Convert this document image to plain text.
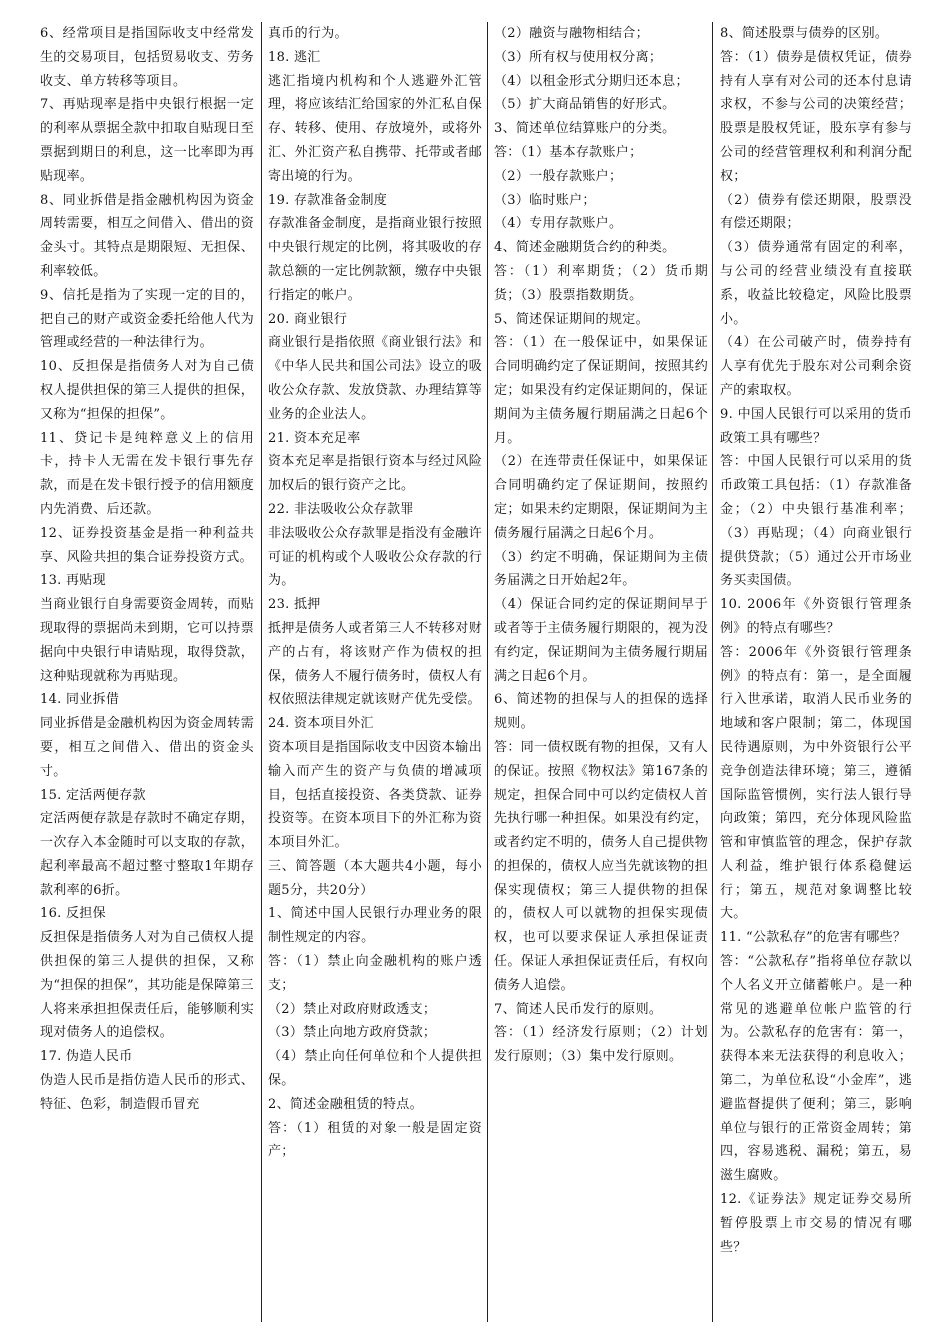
6、经常项目是指国际收支中经常发生的交易项目，包括贸易收支、劳务收支、单方转移等项目。

7、再贴现率是指中央银行根据一定的利率从票据全款中扣取自贴现日至票据到期日的利息，这一比率即为再贴现率。

8、同业拆借是指金融机构因为资金周转需要，相互之间借入、借出的资金头寸。其特点是期限短、无担保、利率较低。

9、信托是指为了实现一定的目的，把自己的财产或资金委托给他人代为管理或经营的一种法律行为。

10、反担保是指债务人对为自己债权人提供担保的第三人提供的担保，又称为“担保的担保”。

11、贷记卡是纯粹意义上的信用卡，持卡人无需在发卡银行事先存款，而是在发卡银行授予的信用额度内先消费、后还款。

12、证券投资基金是指一种利益共享、风险共担的集合证券投资方式。

13. 再贴现

当商业银行自身需要资金周转，而贴现取得的票据尚未到期，它可以持票据向中央银行申请贴现，取得贷款，这种贴现就称为再贴现。

14. 同业拆借

同业拆借是金融机构因为资金周转需要，相互之间借入、借出的资金头寸。

15. 定活两便存款

定活两便存款是存款时不确定存期，一次存入本金随时可以支取的存款，起利率最高不超过整寸整取1年期存款利率的6折。

16. 反担保

反担保是指债务人对为自己债权人提供担保的第三人提供的担保，又称为“担保的担保”，其功能是保障第三人将来承担担保责任后，能够顺利实现对债务人的追偿权。

17. 伪造人民币

伪造人民币是指仿造人民币的形式、特征、色彩，制造假币冒充

真币的行为。

18. 逃汇

逃汇指境内机构和个人逃避外汇管理，将应该结汇给国家的外汇私自保存、转移、使用、存放境外，或将外汇、外汇资产私自携带、托带或者邮寄出境的行为。

19. 存款准备金制度

存款准备金制度，是指商业银行按照中央银行规定的比例，将其吸收的存款总额的一定比例款额，缴存中央银行指定的帐户。

20. 商业银行

商业银行是指依照《商业银行法》和《中华人民共和国公司法》设立的吸收公众存款、发放贷款、办理结算等业务的企业法人。

21. 资本充足率

资本充足率是指银行资本与经过风险加权后的银行资产之比。

22. 非法吸收公众存款罪

非法吸收公众存款罪是指没有金融许可证的机构或个人吸收公众存款的行为。

23. 抵押

抵押是债务人或者第三人不转移对财产的占有，将该财产作为债权的担保，债务人不履行债务时，债权人有权依照法律规定就该财产优先受偿。

24. 资本项目外汇

资本项目是指国际收支中因资本输出输入而产生的资产与负债的增减项目，包括直接投资、各类贷款、证券投资等。在资本项目下的外汇称为资本项目外汇。

三、简答题（本大题共4小题，每小题5分，共20分）

1、简述中国人民银行办理业务的限制性规定的内容。

答：（1）禁止向金融机构的账户透支；

（2）禁止对政府财政透支；

（3）禁止向地方政府贷款；

（4）禁止向任何单位和个人提供担保。

2、简述金融租赁的特点。

答：（1）租赁的对象一般是固定资产；

（2）融资与融物相结合；

（3）所有权与使用权分离；

（4）以租金形式分期归还本息；

（5）扩大商品销售的好形式。

3、简述单位结算账户的分类。

答：（1）基本存款账户；

（2）一般存款账户；

（3）临时账户；

（4）专用存款账户。

4、简述金融期货合约的种类。

答：（1）利率期货；（2）货币期货；（3）股票指数期货。

5、简述保证期间的规定。

答：（1）在一般保证中，如果保证合同明确约定了保证期间，按照其约定；如果没有约定保证期间的，保证期间为主债务履行期届满之日起6个月。

（2）在连带责任保证中，如果保证合同明确约定了保证期间，按照约定；如果未约定期限，保证期间为主债务履行届满之日起6个月。

（3）约定不明确，保证期间为主债务届满之日开始起2年。

（4）保证合同约定的保证期间早于或者等于主债务履行期限的，视为没有约定，保证期间为主债务履行期届满之日起6个月。

6、简述物的担保与人的担保的选择规则。

答：同一债权既有物的担保，又有人的保证。按照《物权法》第167条的规定，担保合同中可以约定债权人首先执行哪一种担保。如果没有约定，或者约定不明的，债务人自己提供物的担保的，债权人应当先就该物的担保实现债权；第三人提供物的担保的，债权人可以就物的担保实现债权，也可以要求保证人承担保证责任。保证人承担保证责任后，有权向债务人追偿。

7、简述人民币发行的原则。

答：（1）经济发行原则；（2）计划发行原则；（3）集中发行原则。

8、简述股票与债券的区别。

答：（1）债券是债权凭证，债券持有人享有对公司的还本付息请求权，不参与公司的决策经营；股票是股权凭证，股东享有参与公司的经营管理权利和利润分配权；

（2）债券有偿还期限，股票没有偿还期限；

（3）债券通常有固定的利率，与公司的经营业绩没有直接联系，收益比较稳定，风险比股票小。

（4）在公司破产时，债券持有人享有优先于股东对公司剩余资产的索取权。

9. 中国人民银行可以采用的货币政策工具有哪些？

答：中国人民银行可以采用的货币政策工具包括：（1）存款准备金；（2）中央银行基准利率；（3）再贴现；（4）向商业银行提供贷款；（5）通过公开市场业务买卖国债。

10. 2006年《外资银行管理条例》的特点有哪些？

答：2006年《外资银行管理条例》的特点有：第一，是全面履行入世承诺，取消人民币业务的地域和客户限制；第二，体现国民待遇原则，为中外资银行公平竞争创造法律环境；第三，遵循国际监管惯例，实行法人银行导向政策；第四，充分体现风险监管和审慎监管的理念，保护存款人利益，维护银行体系稳健运行；第五，规范对象调整比较大。

11. “公款私存”的危害有哪些？

答：“公款私存”指将单位存款以个人名义开立储蓄帐户。是一种常见的逃避单位帐户监管的行为。公款私存的危害有：第一，获得本来无法获得的利息收入；第二，为单位私设“小金库”，逃避监督提供了便利；第三，影响单位与银行的正常资金周转；第四，容易逃税、漏税；第五，易滋生腐败。

12.《证券法》规定证券交易所暂停股票上市交易的情况有哪些？
